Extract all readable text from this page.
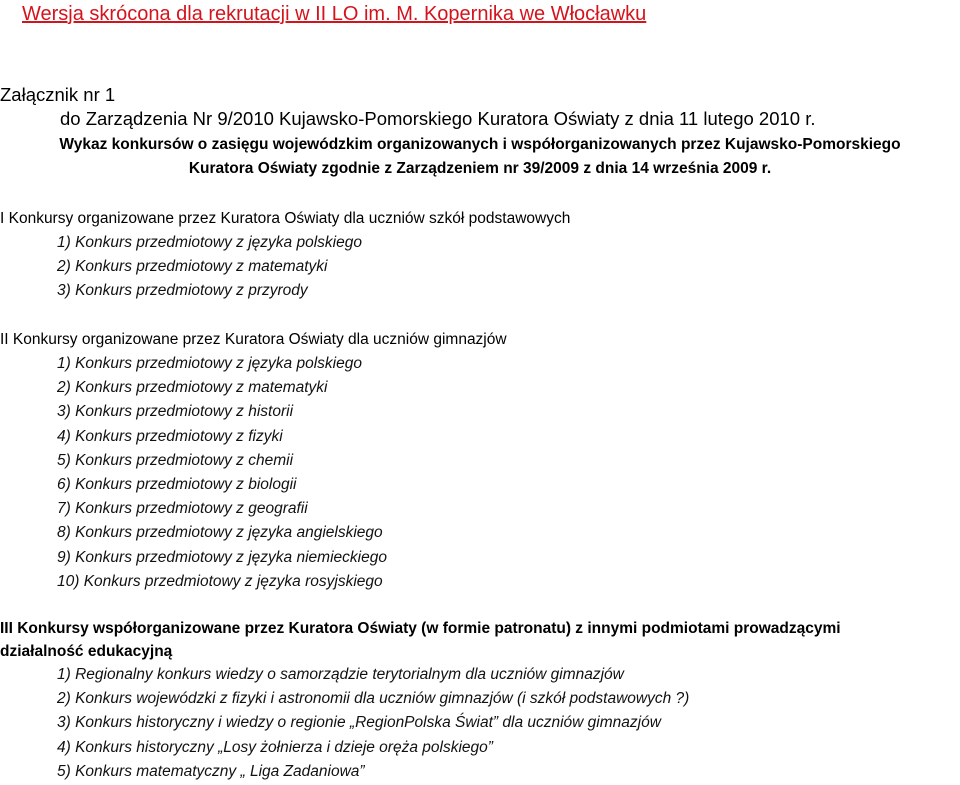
Wersja skrócona dla rekrutacji w II LO im. M. Kopernika we Włocławku
Załącznik nr 1
do Zarządzenia Nr 9/2010 Kujawsko-Pomorskiego Kuratora Oświaty z dnia 11 lutego 2010 r.
Wykaz konkursów o zasięgu wojewódzkim organizowanych i współorganizowanych przez Kujawsko-Pomorskiego
Kuratora Oświaty zgodnie z Zarządzeniem nr 39/2009 z dnia 14 września 2009 r.
I Konkursy organizowane przez Kuratora Oświaty dla uczniów szkół podstawowych
1) Konkurs przedmiotowy z języka polskiego
2) Konkurs przedmiotowy z matematyki
3) Konkurs przedmiotowy z przyrody
II Konkursy organizowane przez Kuratora Oświaty dla uczniów gimnazjów
1) Konkurs przedmiotowy z języka polskiego
2) Konkurs przedmiotowy z matematyki
3) Konkurs przedmiotowy z historii
4) Konkurs przedmiotowy z fizyki
5) Konkurs przedmiotowy z chemii
6) Konkurs przedmiotowy z biologii
7) Konkurs przedmiotowy z geografii
8) Konkurs przedmiotowy z języka angielskiego
9) Konkurs przedmiotowy z języka niemieckiego
10) Konkurs przedmiotowy z języka rosyjskiego
III Konkursy współorganizowane przez Kuratora Oświaty (w formie patronatu) z innymi podmiotami prowadzącymi
działalność edukacyjną
1) Regionalny konkurs wiedzy o samorządzie terytorialnym dla uczniów gimnazjów
2) Konkurs wojewódzki z fizyki i astronomii dla uczniów gimnazjów (i szkół podstawowych ?)
3) Konkurs historyczny i wiedzy o regionie „RegionPolska Świat” dla uczniów gimnazjów
4) Konkurs historyczny „Losy żołnierza i dzieje oręża polskiego”
5) Konkurs matematyczny „ Liga Zadaniowa”
